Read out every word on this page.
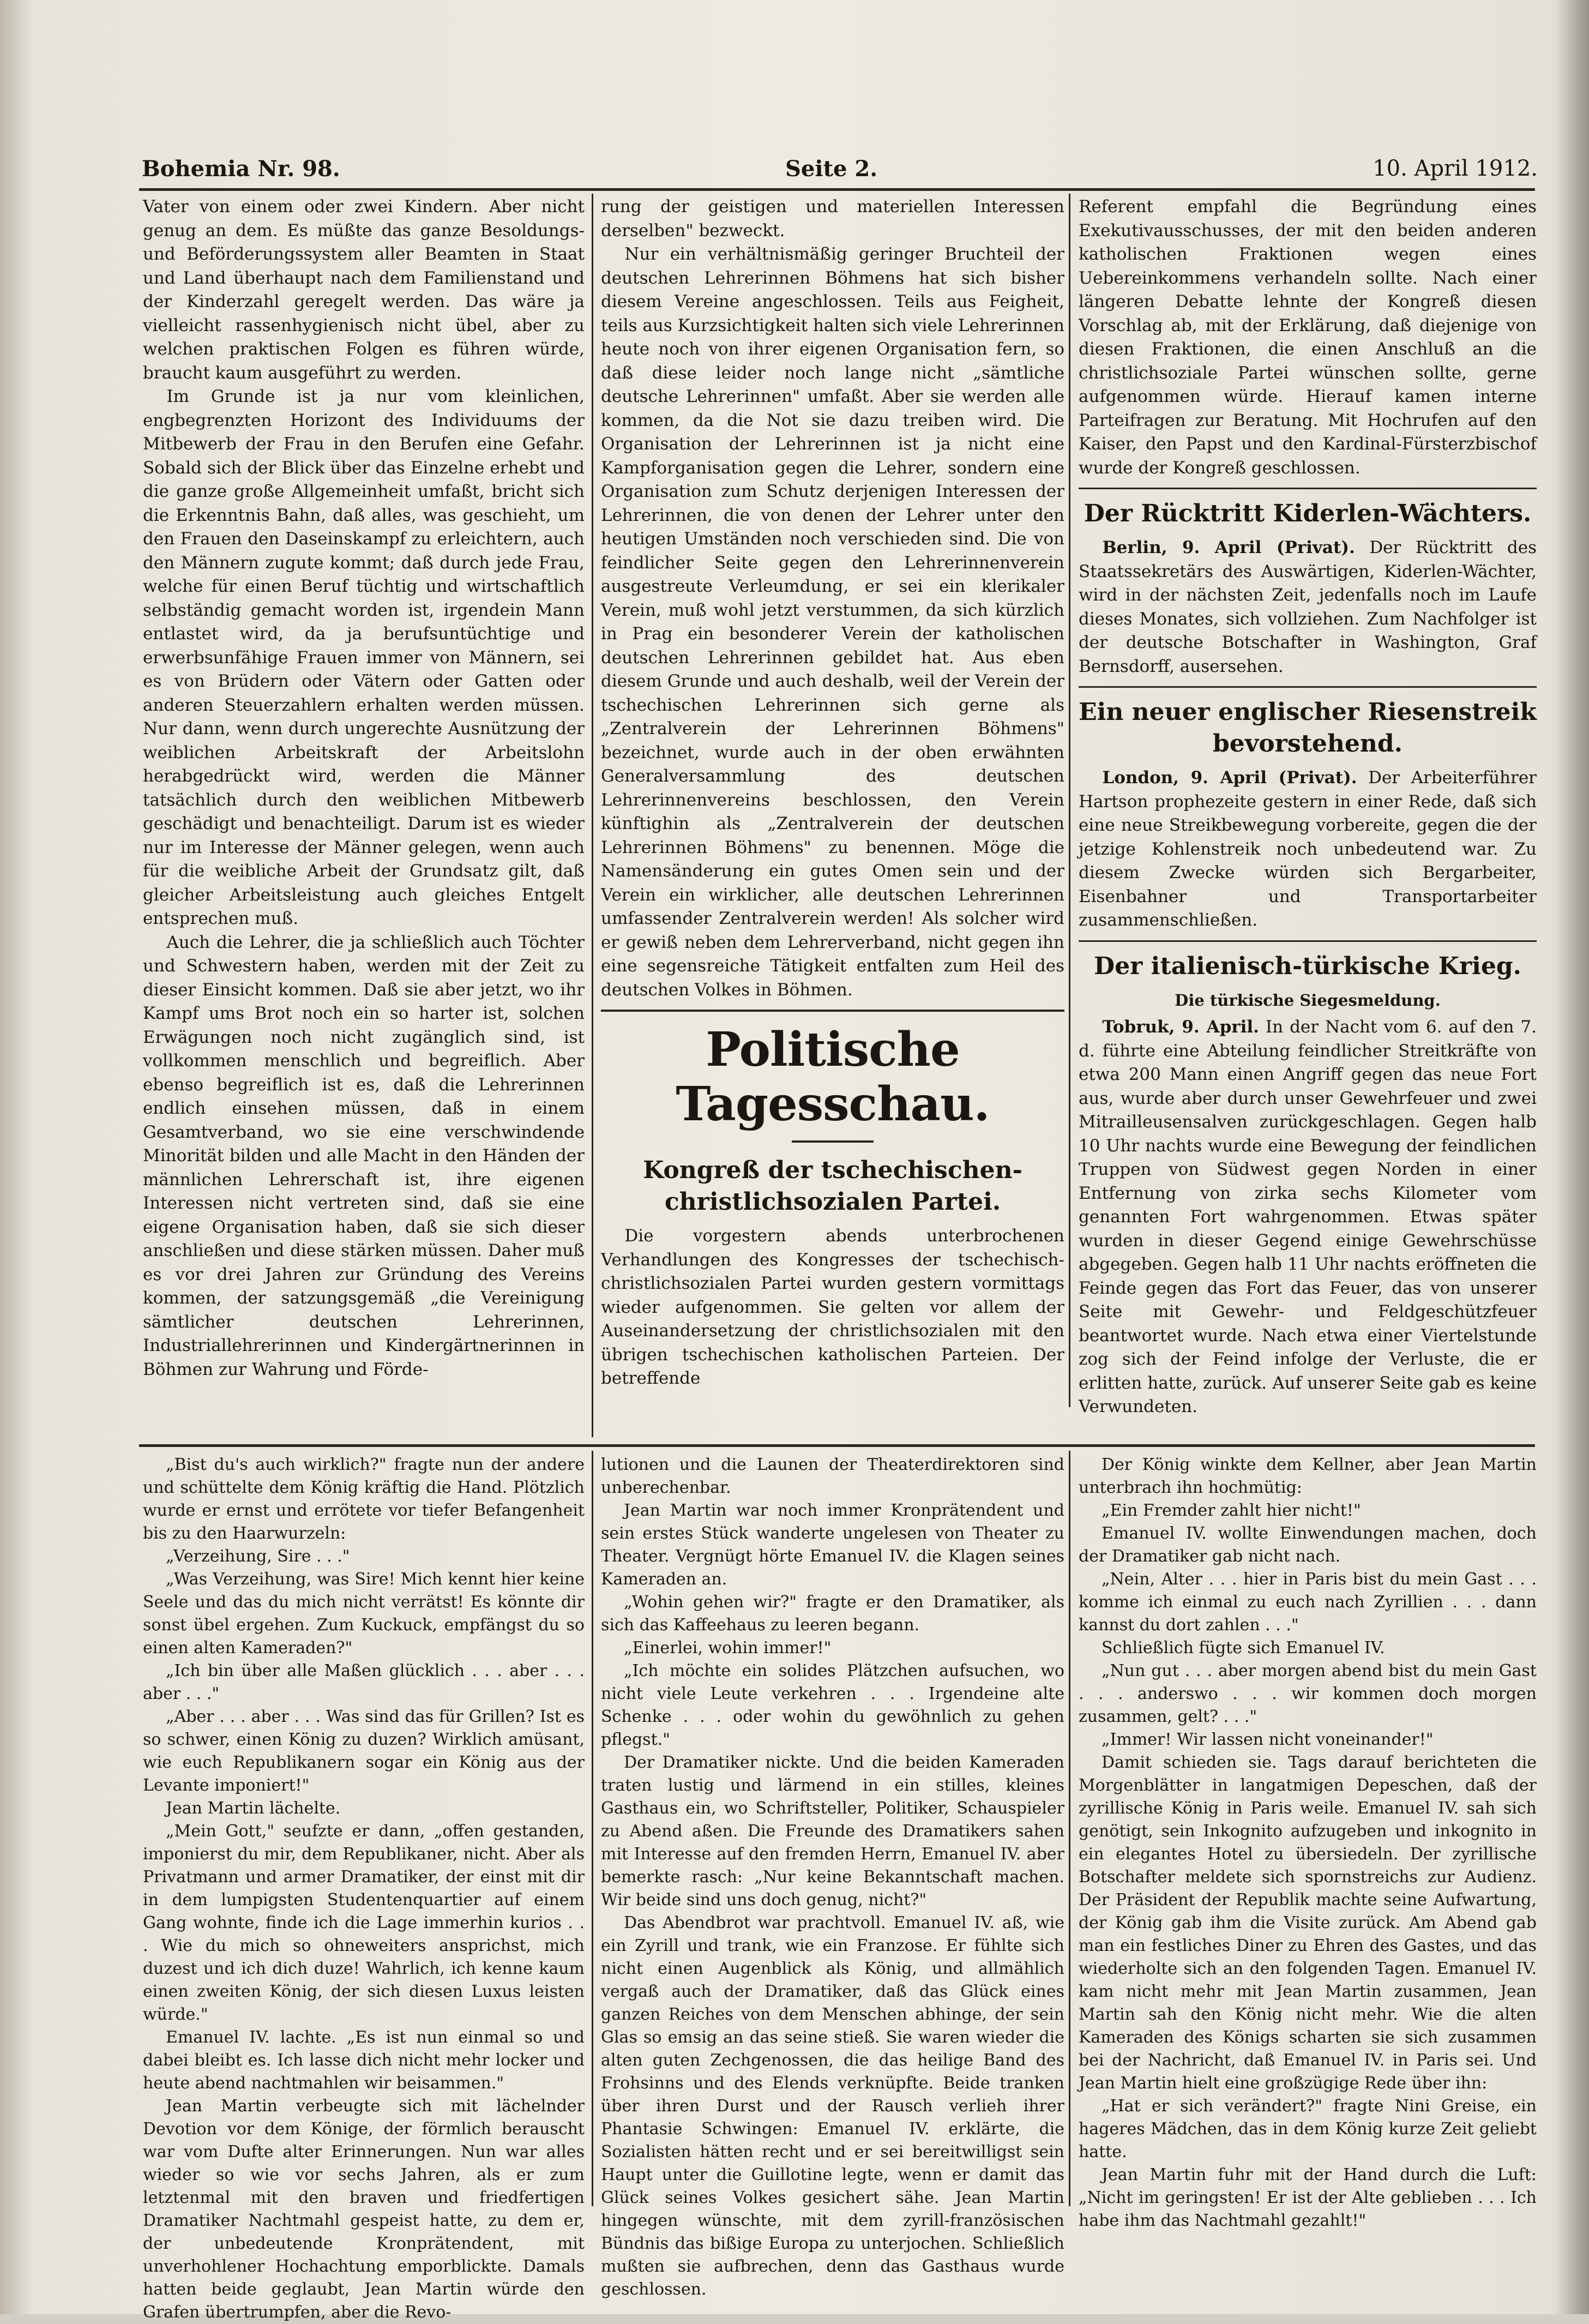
Bohemia Nr. 98.	Seite 2.	10. April 1912.

Vater von einem oder zwei Kindern. Aber nicht genug an dem. Es müßte das ganze Besoldungs- und Beförderungssystem aller Beamten in Staat und Land überhaupt nach dem Familienstand und der Kinderzahl geregelt werden. Das wäre ja vielleicht rassenhygienisch nicht übel, aber zu welchen praktischen Folgen es führen würde, braucht kaum ausgeführt zu werden.

Im Grunde ist ja nur vom kleinlichen, engbegrenzten Horizont des Individuums der Mitbewerb der Frau in den Berufen eine Gefahr. Sobald sich der Blick über das Einzelne erhebt und die ganze große Allgemeinheit umfaßt, bricht sich die Erkenntnis Bahn, daß alles, was geschieht, um den Frauen den Daseinskampf zu erleichtern, auch den Männern zugute kommt; daß durch jede Frau, welche für einen Beruf tüchtig und wirtschaftlich selbständig gemacht worden ist, irgendein Mann entlastet wird, da ja berufsuntüchtige und erwerbsunfähige Frauen immer von Männern, sei es von Brüdern oder Vätern oder Gatten oder anderen Steuerzahlern erhalten werden müssen. Nur dann, wenn durch ungerechte Ausnützung der weiblichen Arbeitskraft der Arbeitslohn herabgedrückt wird, werden die Männer tatsächlich durch den weiblichen Mitbewerb geschädigt und benachteiligt. Darum ist es wieder nur im Interesse der Männer gelegen, wenn auch für die weibliche Arbeit der Grundsatz gilt, daß gleicher Arbeitsleistung auch gleiches Entgelt entsprechen muß.

Auch die Lehrer, die ja schließlich auch Töchter und Schwestern haben, werden mit der Zeit zu dieser Einsicht kommen. Daß sie aber jetzt, wo ihr Kampf ums Brot noch ein so harter ist, solchen Erwägungen noch nicht zugänglich sind, ist vollkommen menschlich und begreiflich. Aber ebenso begreiflich ist es, daß die Lehrerinnen endlich einsehen müssen, daß in einem Gesamtverband, wo sie eine verschwindende Minorität bilden und alle Macht in den Händen der männlichen Lehrerschaft ist, ihre eigenen Interessen nicht vertreten sind, daß sie eine eigene Organisation haben, daß sie sich dieser anschließen und diese stärken müssen. Daher muß es vor drei Jahren zur Gründung des Vereins kommen, der satzungsgemäß „die Vereinigung sämtlicher deutschen Lehrerinnen, Industriallehrerinnen und Kindergärtnerinnen in Böhmen zur Wahrung und Förde-

rung der geistigen und materiellen Interessen derselben" bezweckt.

Nur ein verhältnismäßig geringer Bruchteil der deutschen Lehrerinnen Böhmens hat sich bisher diesem Vereine angeschlossen. Teils aus Feigheit, teils aus Kurzsichtigkeit halten sich viele Lehrerinnen heute noch von ihrer eigenen Organisation fern, so daß diese leider noch lange nicht „sämtliche deutsche Lehrerinnen" umfaßt. Aber sie werden alle kommen, da die Not sie dazu treiben wird. Die Organisation der Lehrerinnen ist ja nicht eine Kampforganisation gegen die Lehrer, sondern eine Organisation zum Schutz derjenigen Interessen der Lehrerinnen, die von denen der Lehrer unter den heutigen Umständen noch verschieden sind. Die von feindlicher Seite gegen den Lehrerinnenverein ausgestreute Verleumdung, er sei ein klerikaler Verein, muß wohl jetzt verstummen, da sich kürzlich in Prag ein besonderer Verein der katholischen deutschen Lehrerinnen gebildet hat. Aus eben diesem Grunde und auch deshalb, weil der Verein der tschechischen Lehrerinnen sich gerne als „Zentralverein der Lehrerinnen Böhmens" bezeichnet, wurde auch in der oben erwähnten Generalversammlung des deutschen Lehrerinnenvereins beschlossen, den Verein künftighin als „Zentralverein der deutschen Lehrerinnen Böhmens" zu benennen. Möge die Namensänderung ein gutes Omen sein und der Verein ein wirklicher, alle deutschen Lehrerinnen umfassender Zentralverein werden! Als solcher wird er gewiß neben dem Lehrerverband, nicht gegen ihn eine segensreiche Tätigkeit entfalten zum Heil des deutschen Volkes in Böhmen.

Politische Tagesschau.
Kongreß der tschechischen-christlichsozialen Partei.

Die vorgestern abends unterbrochenen Verhandlungen des Kongresses der tschechisch-christlichsozialen Partei wurden gestern vormittags wieder aufgenommen. Sie gelten vor allem der Auseinandersetzung der christlichsozialen mit den übrigen tschechischen katholischen Parteien. Der betreffende

Referent empfahl die Begründung eines Exekutivausschusses, der mit den beiden anderen katholischen Fraktionen wegen eines Uebereinkommens verhandeln sollte. Nach einer längeren Debatte lehnte der Kongreß diesen Vorschlag ab, mit der Erklärung, daß diejenige von diesen Fraktionen, die einen Anschluß an die christlichsoziale Partei wünschen sollte, gerne aufgenommen würde. Hierauf kamen interne Parteifragen zur Beratung. Mit Hochrufen auf den Kaiser, den Papst und den Kardinal-Fürsterzbischof wurde der Kongreß geschlossen.

Der Rücktritt Kiderlen-Wächters.

Berlin, 9. April (Privat). Der Rücktritt des Staatssekretärs des Auswärtigen, Kiderlen-Wächter, wird in der nächsten Zeit, jedenfalls noch im Laufe dieses Monates, sich vollziehen. Zum Nachfolger ist der deutsche Botschafter in Washington, Graf Bernsdorff, ausersehen.

Ein neuer englischer Riesenstreik bevorstehend.

London, 9. April (Privat). Der Arbeiterführer Hartson prophezeite gestern in einer Rede, daß sich eine neue Streikbewegung vorbereite, gegen die der jetzige Kohlenstreik noch unbedeutend war. Zu diesem Zwecke würden sich Bergarbeiter, Eisenbahner und Transportarbeiter zusammenschließen.

Der italienisch-türkische Krieg.
Die türkische Siegesmeldung.

Tobruk, 9. April. In der Nacht vom 6. auf den 7. d. führte eine Abteilung feindlicher Streitkräfte von etwa 200 Mann einen Angriff gegen das neue Fort aus, wurde aber durch unser Gewehrfeuer und zwei Mitrailleusensalven zurückgeschlagen. Gegen halb 10 Uhr nachts wurde eine Bewegung der feindlichen Truppen von Südwest gegen Norden in einer Entfernung von zirka sechs Kilometer vom genannten Fort wahrgenommen. Etwas später wurden in dieser Gegend einige Gewehrschüsse abgegeben. Gegen halb 11 Uhr nachts eröffneten die Feinde gegen das Fort das Feuer, das von unserer Seite mit Gewehr- und Feldgeschützfeuer beantwortet wurde. Nach etwa einer Viertelstunde zog sich der Feind infolge der Verluste, die er erlitten hatte, zurück. Auf unserer Seite gab es keine Verwundeten.

„Bist du's auch wirklich?" fragte nun der andere und schüttelte dem König kräftig die Hand. Plötzlich wurde er ernst und errötete vor tiefer Befangenheit bis zu den Haarwurzeln:

„Verzeihung, Sire . . ."

„Was Verzeihung, was Sire! Mich kennt hier keine Seele und das du mich nicht verrätst! Es könnte dir sonst übel ergehen. Zum Kuckuck, empfängst du so einen alten Kameraden?"

„Ich bin über alle Maßen glücklich . . . aber . . . aber . . ."

„Aber . . . aber . . . Was sind das für Grillen? Ist es so schwer, einen König zu duzen? Wirklich amüsant, wie euch Republikanern sogar ein König aus der Levante imponiert!"

Jean Martin lächelte.

„Mein Gott," seufzte er dann, „offen gestanden, imponierst du mir, dem Republikaner, nicht. Aber als Privatmann und armer Dramatiker, der einst mit dir in dem lumpigsten Studentenquartier auf einem Gang wohnte, finde ich die Lage immerhin kurios . . . Wie du mich so ohneweiters ansprichst, mich duzest und ich dich duze! Wahrlich, ich kenne kaum einen zweiten König, der sich diesen Luxus leisten würde."

Emanuel IV. lachte. „Es ist nun einmal so und dabei bleibt es. Ich lasse dich nicht mehr locker und heute abend nachtmahlen wir beisammen."

Jean Martin verbeugte sich mit lächelnder Devotion vor dem Könige, der förmlich berauscht war vom Dufte alter Erinnerungen. Nun war alles wieder so wie vor sechs Jahren, als er zum letztenmal mit den braven und friedfertigen Dramatiker Nachtmahl gespeist hatte, zu dem er, der unbedeutende Kronprätendent, mit unverhohlener Hochachtung emporblickte. Damals hatten beide geglaubt, Jean Martin würde den Grafen übertrumpfen, aber die Revo-

lutionen und die Launen der Theaterdirektoren sind unberechenbar.

Jean Martin war noch immer Kronprätendent und sein erstes Stück wanderte ungelesen von Theater zu Theater. Vergnügt hörte Emanuel IV. die Klagen seines Kameraden an.

„Wohin gehen wir?" fragte er den Dramatiker, als sich das Kaffeehaus zu leeren begann.

„Einerlei, wohin immer!"

„Ich möchte ein solides Plätzchen aufsuchen, wo nicht viele Leute verkehren . . . Irgendeine alte Schenke . . . oder wohin du gewöhnlich zu gehen pflegst."

Der Dramatiker nickte. Und die beiden Kameraden traten lustig und lärmend in ein stilles, kleines Gasthaus ein, wo Schriftsteller, Politiker, Schauspieler zu Abend aßen. Die Freunde des Dramatikers sahen mit Interesse auf den fremden Herrn, Emanuel IV. aber bemerkte rasch: „Nur keine Bekanntschaft machen. Wir beide sind uns doch genug, nicht?"

Das Abendbrot war prachtvoll. Emanuel IV. aß, wie ein Zyrill und trank, wie ein Franzose. Er fühlte sich nicht einen Augenblick als König, und allmählich vergaß auch der Dramatiker, daß das Glück eines ganzen Reiches von dem Menschen abhinge, der sein Glas so emsig an das seine stieß. Sie waren wieder die alten guten Zechgenossen, die das heilige Band des Frohsinns und des Elends verknüpfte. Beide tranken über ihren Durst und der Rausch verlieh ihrer Phantasie Schwingen: Emanuel IV. erklärte, die Sozialisten hätten recht und er sei bereitwilligst sein Haupt unter die Guillotine legte, wenn er damit das Glück seines Volkes gesichert sähe. Jean Martin hingegen wünschte, mit dem zyrill-französischen Bündnis das bißige Europa zu unterjochen. Schließlich mußten sie aufbrechen, denn das Gasthaus wurde geschlossen.

Der König winkte dem Kellner, aber Jean Martin unterbrach ihn hochmütig:

„Ein Fremder zahlt hier nicht!"

Emanuel IV. wollte Einwendungen machen, doch der Dramatiker gab nicht nach.

„Nein, Alter . . . hier in Paris bist du mein Gast . . . komme ich einmal zu euch nach Zyrillien . . . dann kannst du dort zahlen . . ."

Schließlich fügte sich Emanuel IV.

„Nun gut . . . aber morgen abend bist du mein Gast . . . anderswo . . . wir kommen doch morgen zusammen, gelt? . . ."

„Immer! Wir lassen nicht voneinander!"

Damit schieden sie. Tags darauf berichteten die Morgenblätter in langatmigen Depeschen, daß der zyrillische König in Paris weile. Emanuel IV. sah sich genötigt, sein Inkognito aufzugeben und inkognito in ein elegantes Hotel zu übersiedeln. Der zyrillische Botschafter meldete sich spornstreichs zur Audienz. Der Präsident der Republik machte seine Aufwartung, der König gab ihm die Visite zurück. Am Abend gab man ein festliches Diner zu Ehren des Gastes, und das wiederholte sich an den folgenden Tagen. Emanuel IV. kam nicht mehr mit Jean Martin zusammen, Jean Martin sah den König nicht mehr. Wie die alten Kameraden des Königs scharten sie sich zusammen bei der Nachricht, daß Emanuel IV. in Paris sei. Und Jean Martin hielt eine großzügige Rede über ihn:

„Hat er sich verändert?" fragte Nini Greise, ein hageres Mädchen, das in dem König kurze Zeit geliebt hatte.

Jean Martin fuhr mit der Hand durch die Luft: „Nicht im geringsten! Er ist der Alte geblieben . . . Ich habe ihm das Nachtmahl gezahlt!"
